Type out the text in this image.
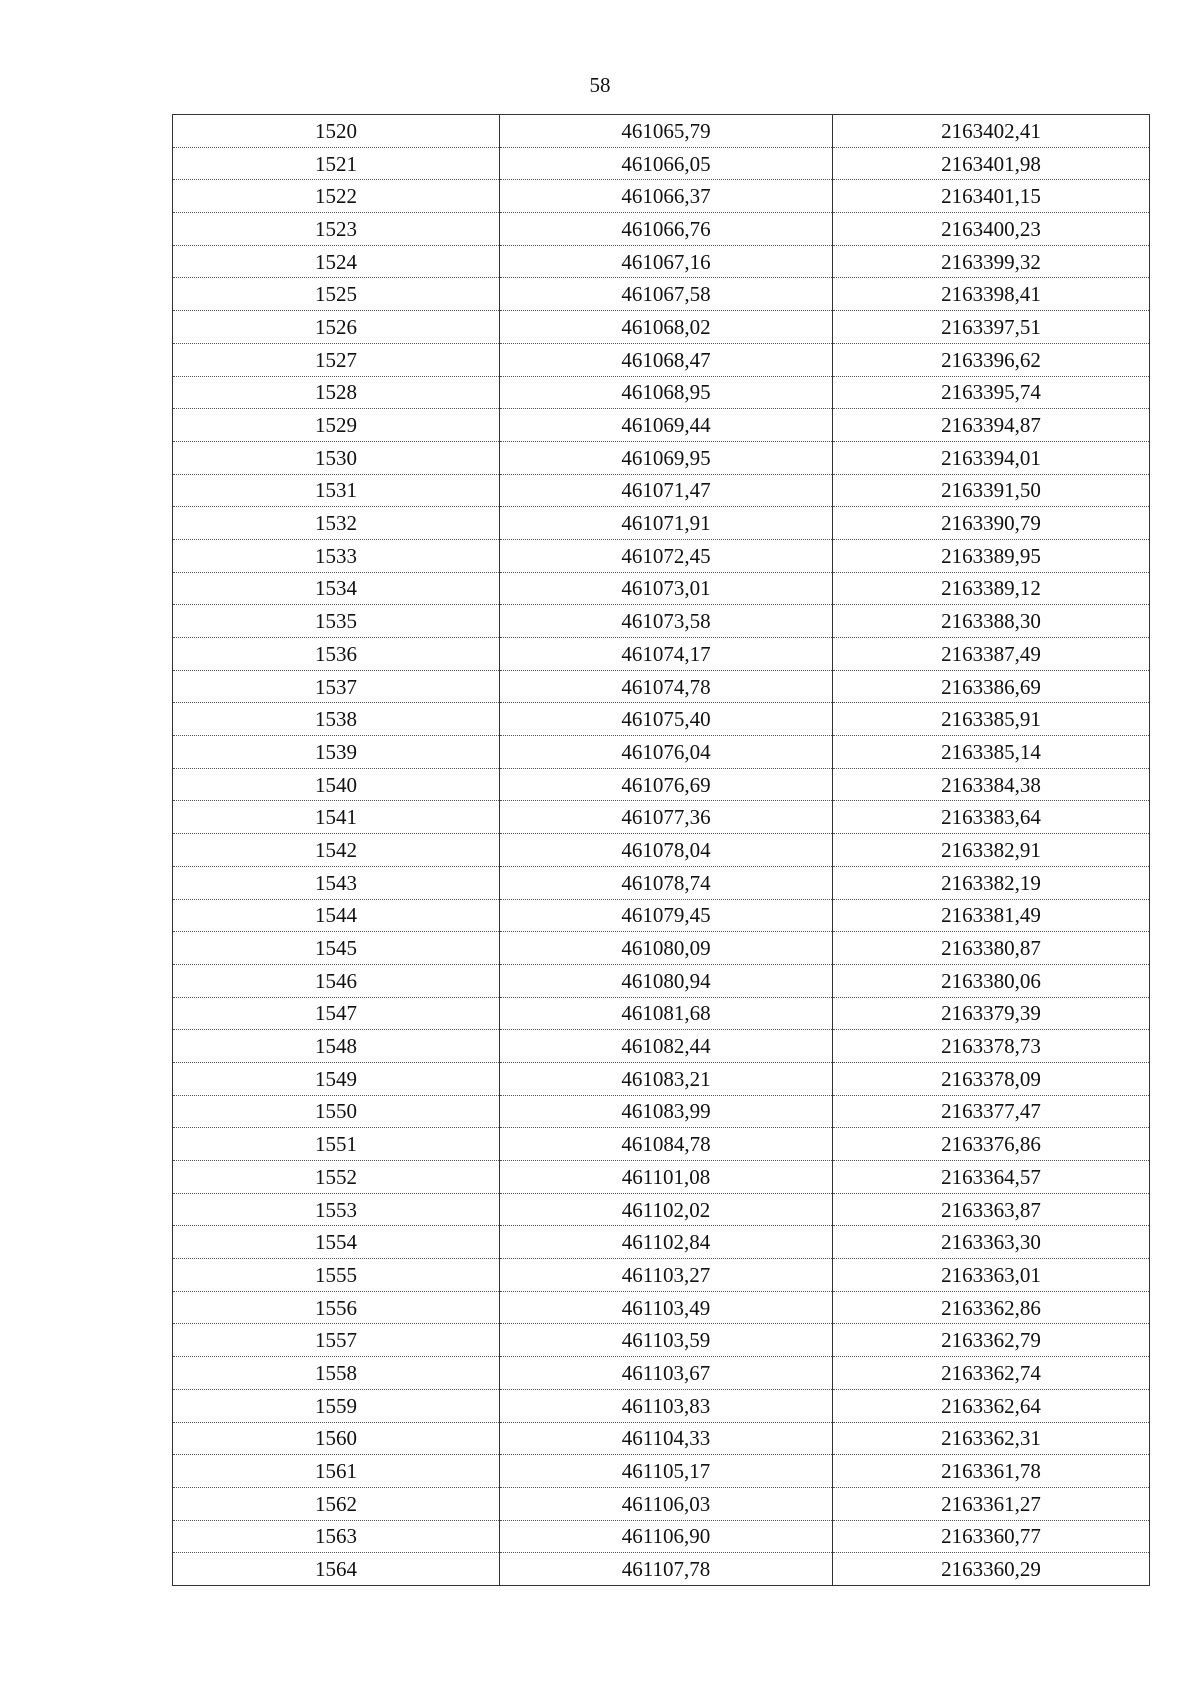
58
1520	461065,79	2163402,41
1521	461066,05	2163401,98
1522	461066,37	2163401,15
1523	461066,76	2163400,23
1524	461067,16	2163399,32
1525	461067,58	2163398,41
1526	461068,02	2163397,51
1527	461068,47	2163396,62
1528	461068,95	2163395,74
1529	461069,44	2163394,87
1530	461069,95	2163394,01
1531	461071,47	2163391,50
1532	461071,91	2163390,79
1533	461072,45	2163389,95
1534	461073,01	2163389,12
1535	461073,58	2163388,30
1536	461074,17	2163387,49
1537	461074,78	2163386,69
1538	461075,40	2163385,91
1539	461076,04	2163385,14
1540	461076,69	2163384,38
1541	461077,36	2163383,64
1542	461078,04	2163382,91
1543	461078,74	2163382,19
1544	461079,45	2163381,49
1545	461080,09	2163380,87
1546	461080,94	2163380,06
1547	461081,68	2163379,39
1548	461082,44	2163378,73
1549	461083,21	2163378,09
1550	461083,99	2163377,47
1551	461084,78	2163376,86
1552	461101,08	2163364,57
1553	461102,02	2163363,87
1554	461102,84	2163363,30
1555	461103,27	2163363,01
1556	461103,49	2163362,86
1557	461103,59	2163362,79
1558	461103,67	2163362,74
1559	461103,83	2163362,64
1560	461104,33	2163362,31
1561	461105,17	2163361,78
1562	461106,03	2163361,27
1563	461106,90	2163360,77
1564	461107,78	2163360,29
